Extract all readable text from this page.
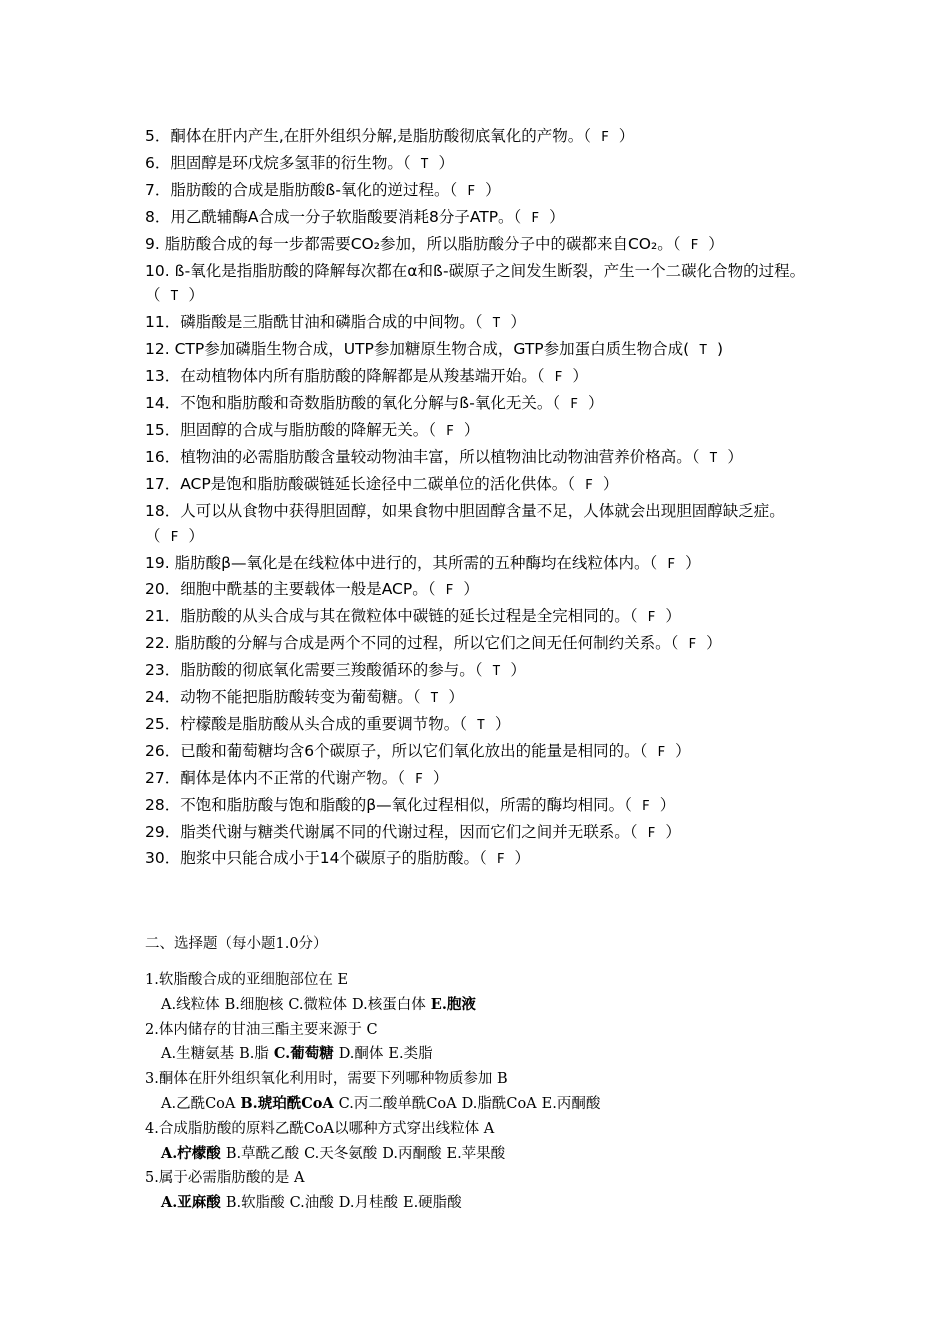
5．酮体在肝内产生,在肝外组织分解,是脂肪酸彻底氧化的产物。（ F ）
6．胆固醇是环戊烷多氢菲的衍生物。（ T ）
7．脂肪酸的合成是脂肪酸ß-氧化的逆过程。（ F ）
8．用乙酰辅酶A合成一分子软脂酸要消耗8分子ATP。（ F ）
9. 脂肪酸合成的每一步都需要CO₂参加，所以脂肪酸分子中的碳都来自CO₂。（ F ）
10. ß-氧化是指脂肪酸的降解每次都在α和ß-碳原子之间发生断裂，产生一个二碳化合物的过程。（ T ）
11．磷脂酸是三脂酰甘油和磷脂合成的中间物。（ T ）
12. CTP参加磷脂生物合成，UTP参加糖原生物合成，GTP参加蛋白质生物合成( T )
13．在动植物体内所有脂肪酸的降解都是从羧基端开始。（ F ）
14．不饱和脂肪酸和奇数脂肪酸的氧化分解与ß-氧化无关。（ F ）
15．胆固醇的合成与脂肪酸的降解无关。（ F ）
16．植物油的必需脂肪酸含量较动物油丰富，所以植物油比动物油营养价格高。（ T ）
17．ACP是饱和脂肪酸碳链延长途径中二碳单位的活化供体。（ F ）
18．人可以从食物中获得胆固醇，如果食物中胆固醇含量不足，人体就会出现胆固醇缺乏症。（ F ）
19. 脂肪酸β—氧化是在线粒体中进行的，其所需的五种酶均在线粒体内。（ F ）
20．细胞中酰基的主要载体一般是ACP。（ F ）
21．脂肪酸的从头合成与其在微粒体中碳链的延长过程是全完相同的。（ F ）
22. 脂肪酸的分解与合成是两个不同的过程，所以它们之间无任何制约关系。（ F ）
23．脂肪酸的彻底氧化需要三羧酸循环的参与。（ T ）
24．动物不能把脂肪酸转变为葡萄糖。（ T ）
25．柠檬酸是脂肪酸从头合成的重要调节物。（ T ）
26．已酸和葡萄糖均含6个碳原子，所以它们氧化放出的能量是相同的。（ F ）
27．酮体是体内不正常的代谢产物。（ F ）
28．不饱和脂肪酸与饱和脂酸的β—氧化过程相似，所需的酶均相同。（ F ）
29．脂类代谢与糖类代谢属不同的代谢过程，因而它们之间并无联系。（ F ）
30．胞浆中只能合成小于14个碳原子的脂肪酸。（ F ）
二、选择题（每小题1.0分）
1.软脂酸合成的亚细胞部位在 E
A.线粒体 B.细胞核 C.微粒体 D.核蛋白体 E.胞液
2.体内储存的甘油三酯主要来源于 C
A.生糖氨基 B.脂 C.葡萄糖 D.酮体 E.类脂
3.酮体在肝外组织氧化利用时，需要下列哪种物质参加 B
A.乙酰CoA B.琥珀酰CoA C.丙二酸单酰CoA D.脂酰CoA E.丙酮酸
4.合成脂肪酸的原料乙酰CoA以哪种方式穿出线粒体 A
A.柠檬酸 B.草酰乙酸 C.天冬氨酸 D.丙酮酸 E.苹果酸
5.属于必需脂肪酸的是 A
A.亚麻酸 B.软脂酸 C.油酸 D.月桂酸 E.硬脂酸
